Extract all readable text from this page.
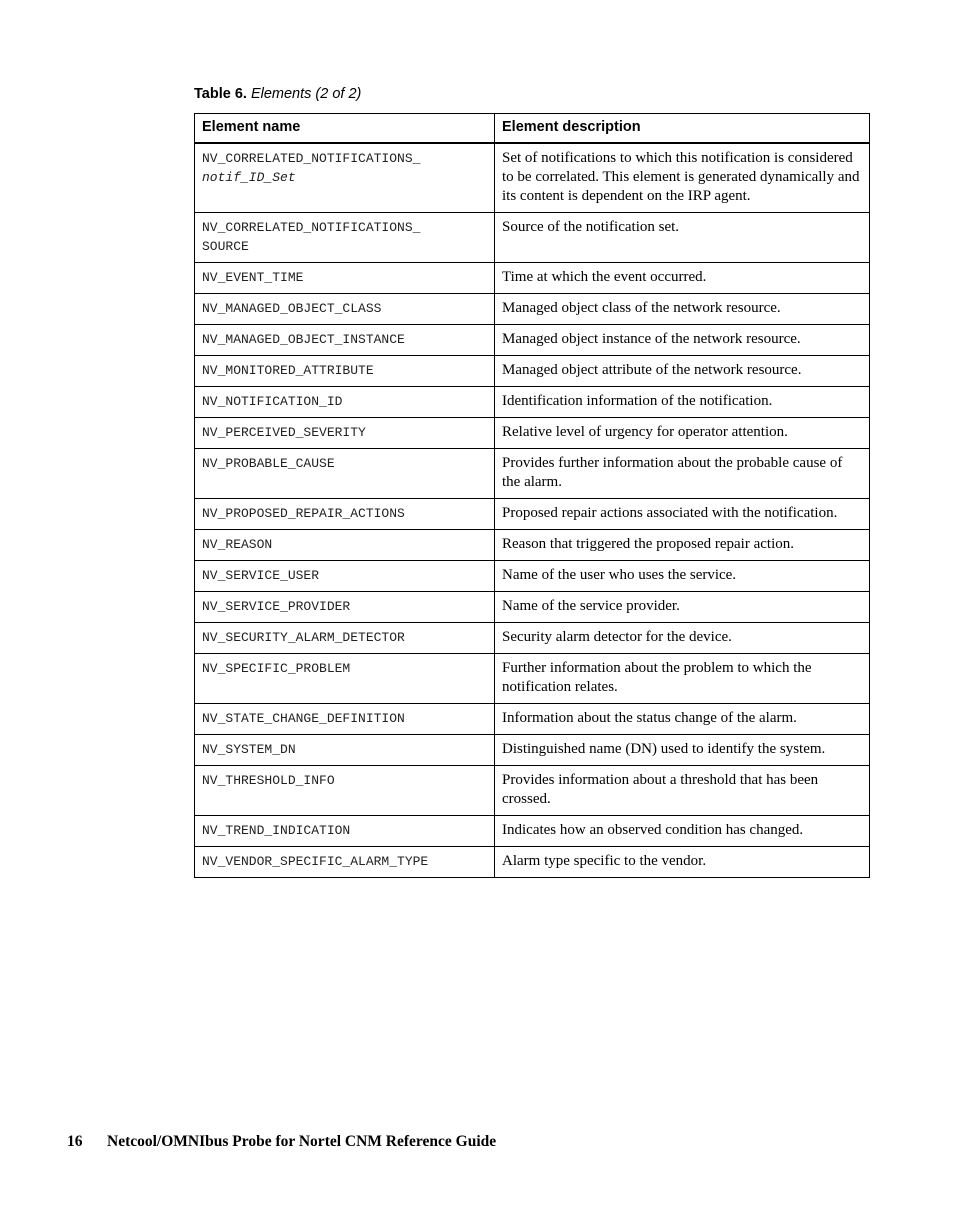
Table 6. Elements (2 of 2)
Element name	Element description
NV_CORRELATED_NOTIFICATIONS_
notif_ID_Set	Set of notifications to which this notification is considered to be correlated. This element is generated dynamically and its content is dependent on the IRP agent.
NV_CORRELATED_NOTIFICATIONS_
SOURCE	Source of the notification set.
NV_EVENT_TIME	Time at which the event occurred.
NV_MANAGED_OBJECT_CLASS	Managed object class of the network resource.
NV_MANAGED_OBJECT_INSTANCE	Managed object instance of the network resource.
NV_MONITORED_ATTRIBUTE	Managed object attribute of the network resource.
NV_NOTIFICATION_ID	Identification information of the notification.
NV_PERCEIVED_SEVERITY	Relative level of urgency for operator attention.
NV_PROBABLE_CAUSE	Provides further information about the probable cause of the alarm.
NV_PROPOSED_REPAIR_ACTIONS	Proposed repair actions associated with the notification.
NV_REASON	Reason that triggered the proposed repair action.
NV_SERVICE_USER	Name of the user who uses the service.
NV_SERVICE_PROVIDER	Name of the service provider.
NV_SECURITY_ALARM_DETECTOR	Security alarm detector for the device.
NV_SPECIFIC_PROBLEM	Further information about the problem to which the notification relates.
NV_STATE_CHANGE_DEFINITION	Information about the status change of the alarm.
NV_SYSTEM_DN	Distinguished name (DN) used to identify the system.
NV_THRESHOLD_INFO	Provides information about a threshold that has been crossed.
NV_TREND_INDICATION	Indicates how an observed condition has changed.
NV_VENDOR_SPECIFIC_ALARM_TYPE	Alarm type specific to the vendor.
16 Netcool/OMNIbus Probe for Nortel CNM Reference Guide
